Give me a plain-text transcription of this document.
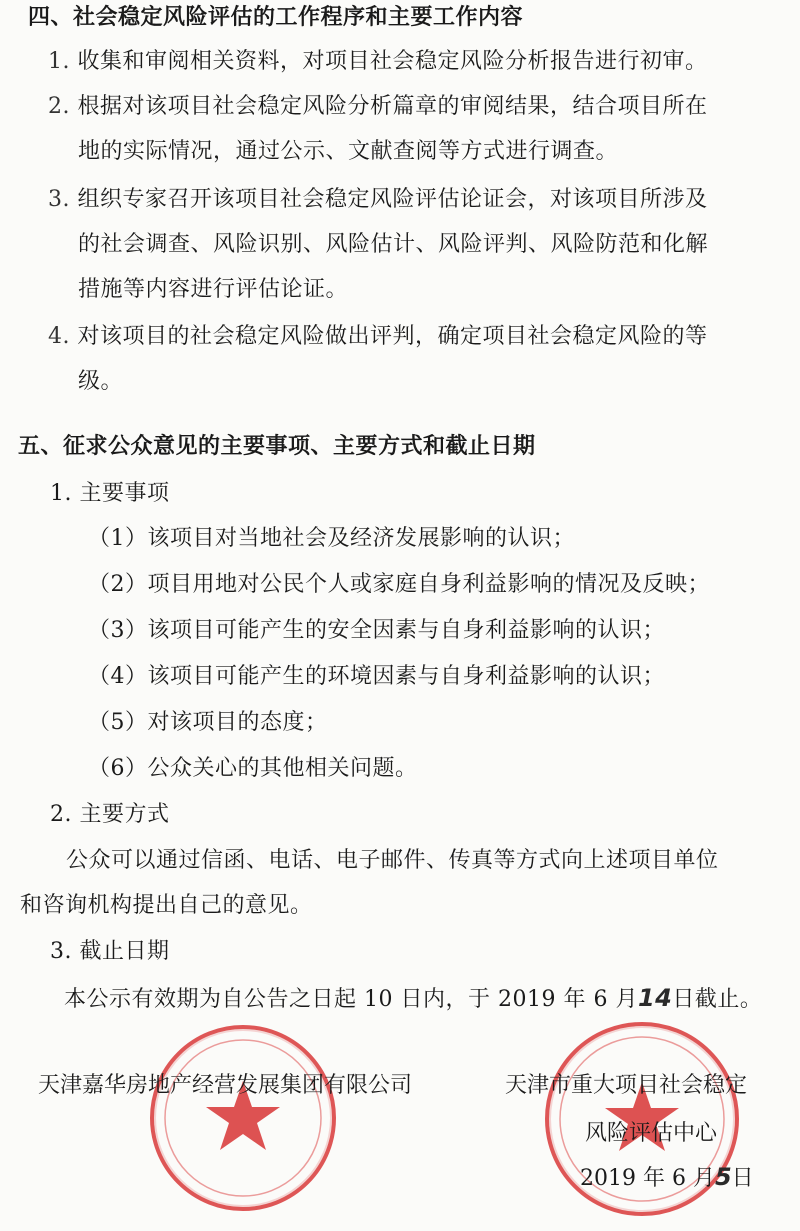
四、社会稳定风险评估的工作程序和主要工作内容
1. 收集和审阅相关资料，对项目社会稳定风险分析报告进行初审。
2. 根据对该项目社会稳定风险分析篇章的审阅结果，结合项目所在
地的实际情况，通过公示、文献查阅等方式进行调查。
3. 组织专家召开该项目社会稳定风险评估论证会，对该项目所涉及
的社会调查、风险识别、风险估计、风险评判、风险防范和化解
措施等内容进行评估论证。
4. 对该项目的社会稳定风险做出评判，确定项目社会稳定风险的等
级。
五、征求公众意见的主要事项、主要方式和截止日期
1. 主要事项
（1）该项目对当地社会及经济发展影响的认识；
（2）项目用地对公民个人或家庭自身利益影响的情况及反映；
（3）该项目可能产生的安全因素与自身利益影响的认识；
（4）该项目可能产生的环境因素与自身利益影响的认识；
（5）对该项目的态度；
（6）公众关心的其他相关问题。
2. 主要方式
公众可以通过信函、电话、电子邮件、传真等方式向上述项目单位
和咨询机构提出自己的意见。
3. 截止日期
本公示有效期为自公告之日起 10 日内，于 2019 年 6 月14日截止。
天津嘉华房地产经营发展集团有限公司	天津市重大项目社会稳定
风险评估中心
2019 年 6 月5日
